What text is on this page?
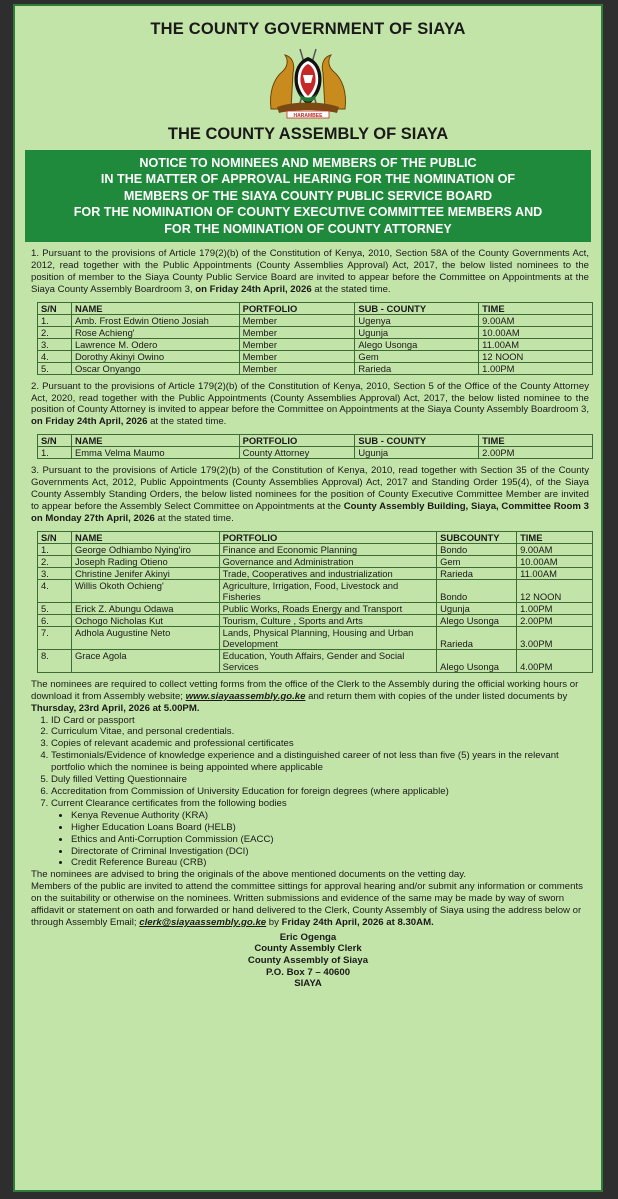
THE COUNTY GOVERNMENT OF SIAYA
HARAMBEE
THE COUNTY ASSEMBLY OF SIAYA
NOTICE TO NOMINEES AND MEMBERS OF THE PUBLIC
IN THE MATTER OF APPROVAL HEARING FOR THE NOMINATION OF
MEMBERS OF THE SIAYA COUNTY PUBLIC SERVICE BOARD
FOR THE NOMINATION OF COUNTY EXECUTIVE COMMITTEE MEMBERS AND
FOR THE NOMINATION OF COUNTY ATTORNEY
1. Pursuant to the provisions of Article 179(2)(b) of the Constitution of Kenya, 2010, Section 58A of the County Governments Act, 2012, read together with the Public Appointments (County Assemblies Approval) Act, 2017, the below listed nominees to the position of member to the Siaya County Public Service Board are invited to appear before the Committee on Appointments at the Siaya County Assembly Boardroom 3, on Friday 24th April, 2026 at the stated time.
S/N	NAME	PORTFOLIO	SUB - COUNTY	TIME
1.	Amb. Frost Edwin Otieno Josiah	Member	Ugenya	9.00AM
2.	Rose Achieng'	Member	Ugunja	10.00AM
3.	Lawrence M. Odero	Member	Alego Usonga	11.00AM
4.	Dorothy Akinyi Owino	Member	Gem	12 NOON
5.	Oscar Onyango	Member	Rarieda	1.00PM
2. Pursuant to the provisions of Article 179(2)(b) of the Constitution of Kenya, 2010, Section 5 of the Office of the County Attorney Act, 2020, read together with the Public Appointments (County Assemblies Approval) Act, 2017, the below listed nominee to the position of County Attorney is invited to appear before the Committee on Appointments at the Siaya County Assembly Boardroom 3, on Friday 24th April, 2026 at the stated time.
S/N	NAME	PORTFOLIO	SUB - COUNTY	TIME
1.	Emma Velma Maumo	County Attorney	Ugunja	2.00PM
3. Pursuant to the provisions of Article 179(2)(b) of the Constitution of Kenya, 2010, read together with Section 35 of the County Governments Act, 2012, Public Appointments (County Assemblies Approval) Act, 2017 and Standing Order 195(4), of the Siaya County Assembly Standing Orders, the below listed nominees for the position of County Executive Committee Member are invited to appear before the Assembly Select Committee on Appointments at the County Assembly Building, Siaya, Committee Room 3 on Monday 27th April, 2026 at the stated time.
S/N	NAME	PORTFOLIO	SUBCOUNTY	TIME
1.	George Odhiambo Nying'iro	Finance and Economic Planning	Bondo	9.00AM
2.	Joseph Rading Otieno	Governance and Administration	Gem	10.00AM
3.	Christine Jenifer Akinyi	Trade, Cooperatives and industrialization	Rarieda	11.00AM
4.	Willis Okoth Ochieng'	Agriculture, Irrigation, Food, Livestock and Fisheries	Bondo	12 NOON
5.	Erick Z. Abungu Odawa	Public Works, Roads Energy and Transport	Ugunja	1.00PM
6.	Ochogo Nicholas Kut	Tourism, Culture , Sports and Arts	Alego Usonga	2.00PM
7.	Adhola Augustine Neto	Lands, Physical Planning, Housing and Urban Development	Rarieda	3.00PM
8.	Grace Agola	Education, Youth Affairs, Gender and Social Services	Alego Usonga	4.00PM
The nominees are required to collect vetting forms from the office of the Clerk to the Assembly during the official working hours or download it from Assembly website; www.siayaassembly.go.ke and return them with copies of the under listed documents by Thursday, 23rd April, 2026 at 5.00PM.
1. ID Card or passport
2. Curriculum Vitae, and personal credentials.
3. Copies of relevant academic and professional certificates
4. Testimonials/Evidence of knowledge experience and a distinguished career of not less than five (5) years in the relevant portfolio which the nominee is being appointed where applicable
5. Duly filled Vetting Questionnaire
6. Accreditation from Commission of University Education for foreign degrees (where applicable)
7. Current Clearance certificates from the following bodies
• Kenya Revenue Authority (KRA)
• Higher Education Loans Board (HELB)
• Ethics and Anti-Corruption Commission (EACC)
• Directorate of Criminal Investigation (DCI)
• Credit Reference Bureau (CRB)
The nominees are advised to bring the originals of the above mentioned documents on the vetting day.
Members of the public are invited to attend the committee sittings for approval hearing and/or submit any information or comments on the suitability or otherwise on the nominees. Written submissions and evidence of the same may be made by way of sworn affidavit or statement on oath and forwarded or hand delivered to the Clerk, County Assembly of Siaya using the address below or through Assembly Email; clerk@siayaassembly.go.ke by Friday 24th April, 2026 at 8.30AM.
Eric Ogenga
County Assembly Clerk
County Assembly of Siaya
P.O. Box 7 – 40600
SIAYA
